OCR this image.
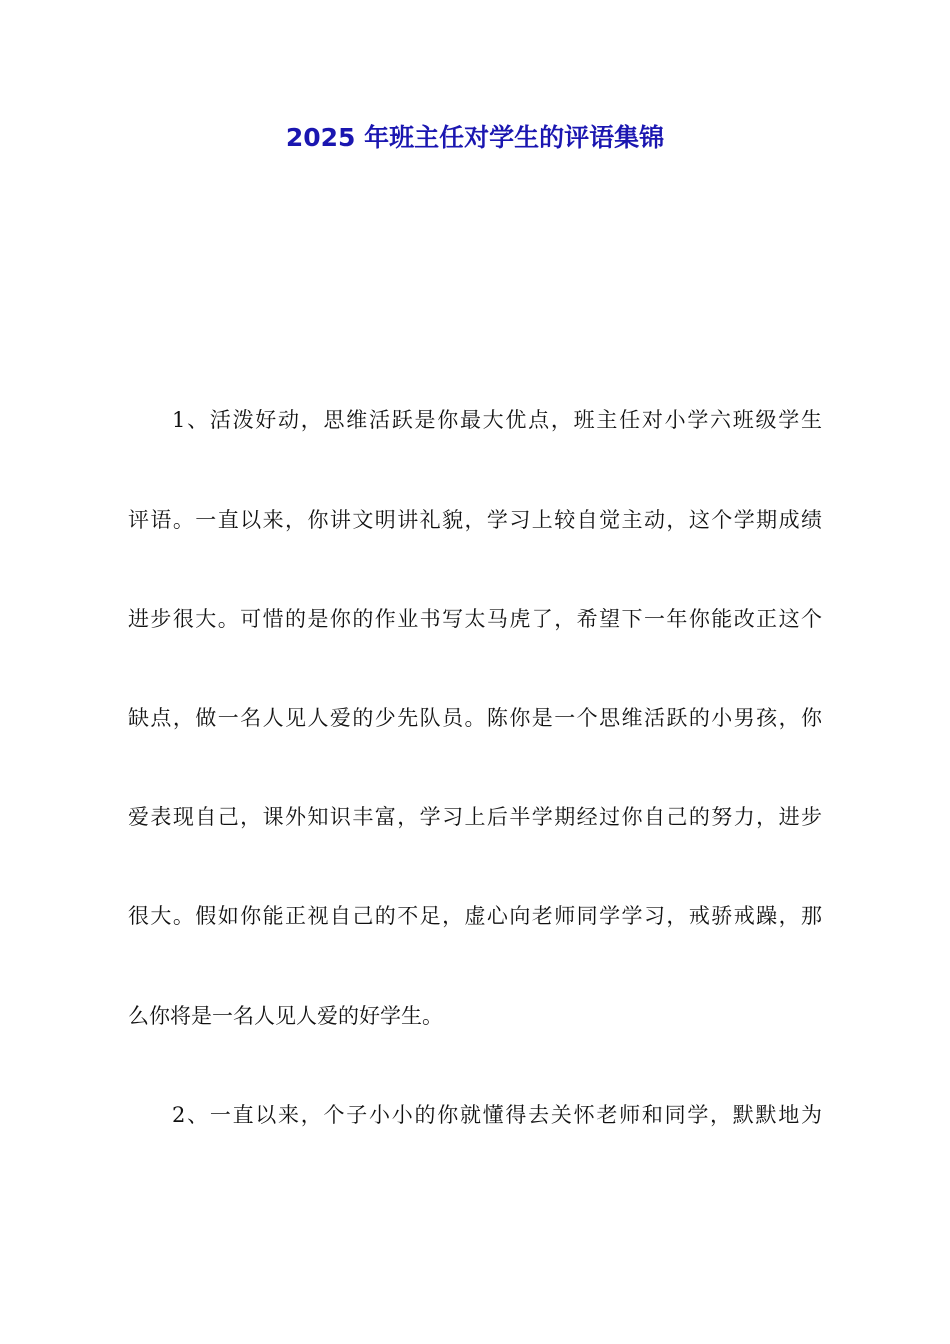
2025 年班主任对学生的评语集锦

1、活泼好动，思维活跃是你最大优点，班主任对小学六班级学生

评语。一直以来，你讲文明讲礼貌，学习上较自觉主动，这个学期成绩

进步很大。可惜的是你的作业书写太马虎了，希望下一年你能改正这个

缺点，做一名人见人爱的少先队员。陈你是一个思维活跃的小男孩，你

爱表现自己，课外知识丰富，学习上后半学期经过你自己的努力，进步

很大。假如你能正视自己的不足，虚心向老师同学学习，戒骄戒躁，那

么你将是一名人见人爱的好学生。

2、一直以来，个子小小的你就懂得去关怀老师和同学，默默地为
